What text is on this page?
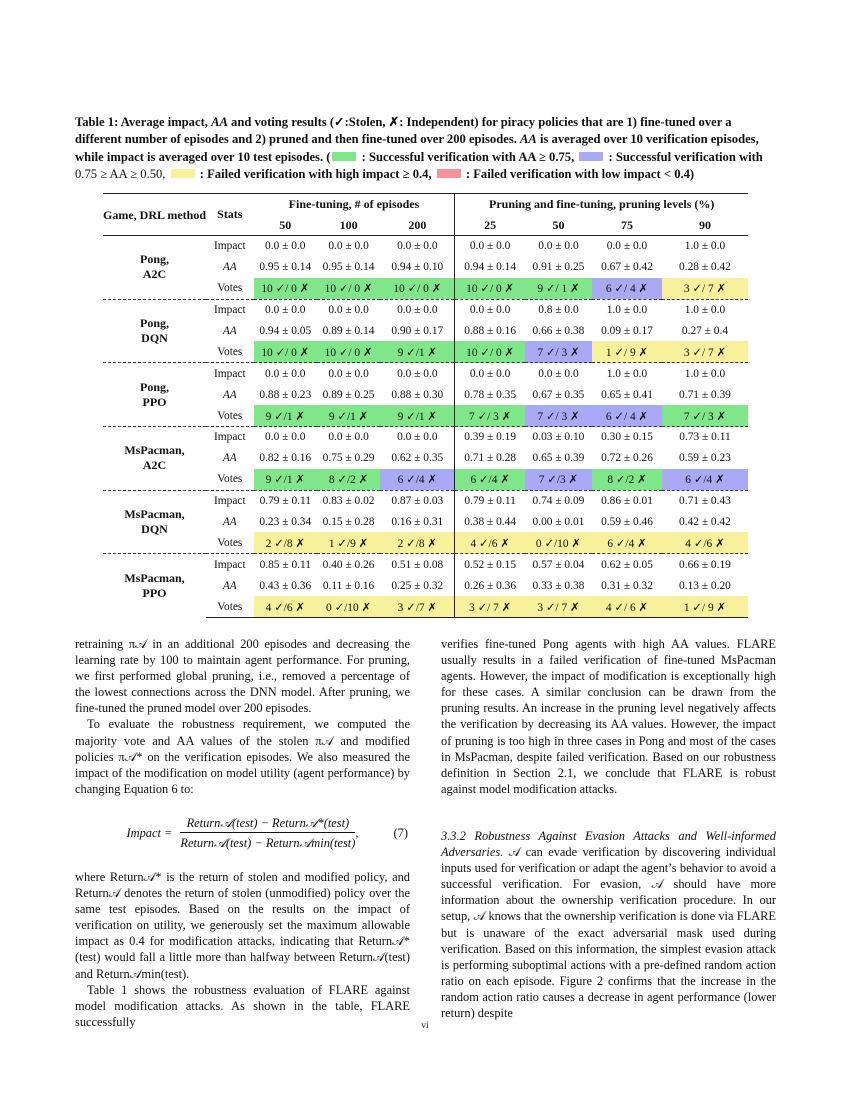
Table 1: Average impact, AA and voting results (✓:Stolen, ✗: Independent) for piracy policies that are 1) fine-tuned over a different number of episodes and 2) pruned and then fine-tuned over 200 episodes. AA is averaged over 10 verification episodes, while impact is averaged over 10 test episodes. ( : Successful verification with AA ≥ 0.75,  : Successful verification with 0.75 ≥ AA ≥ 0.50,  : Failed verification with high impact ≥ 0.4,  : Failed verification with low impact < 0.4)
Game, DRL method	Stats	Fine-tuning, # of episodes			Pruning and fine-tuning, pruning levels (%)			
		50	100	200	25	50	75	90

Pong,
A2C	Impact	0.0 ± 0.0	0.0 ± 0.0	0.0 ± 0.0	0.0 ± 0.0	0.0 ± 0.0	0.0 ± 0.0	1.0 ± 0.0
	AA	0.95 ± 0.14	0.95 ± 0.14	0.94 ± 0.10	0.94 ± 0.14	0.91 ± 0.25	0.67 ± 0.42	0.28 ± 0.42
	Votes	10 ✓/ 0 ✗	10 ✓/ 0 ✗	10 ✓/ 0 ✗	10 ✓/ 0 ✗	9 ✓/ 1 ✗	6 ✓/ 4 ✗	3 ✓/ 7 ✗

Pong,
DQN	Impact	0.0 ± 0.0	0.0 ± 0.0	0.0 ± 0.0	0.0 ± 0.0	0.8 ± 0.0	1.0 ± 0.0	1.0 ± 0.0
	AA	0.94 ± 0.05	0.89 ± 0.14	0.90 ± 0.17	0.88 ± 0.16	0.66 ± 0.38	0.09 ± 0.17	0.27 ± 0.4
	Votes	10 ✓/ 0 ✗	10 ✓/ 0 ✗	9 ✓/1 ✗	10 ✓/ 0 ✗	7 ✓/ 3 ✗	1 ✓/ 9 ✗	3 ✓/ 7 ✗

Pong,
PPO	Impact	0.0 ± 0.0	0.0 ± 0.0	0.0 ± 0.0	0.0 ± 0.0	0.0 ± 0.0	1.0 ± 0.0	1.0 ± 0.0
	AA	0.88 ± 0.23	0.89 ± 0.25	0.88 ± 0.30	0.78 ± 0.35	0.67 ± 0.35	0.65 ± 0.41	0.71 ± 0.39
	Votes	9 ✓/1 ✗	9 ✓/1 ✗	9 ✓/1 ✗	7 ✓/ 3 ✗	7 ✓/ 3 ✗	6 ✓/ 4 ✗	7 ✓/ 3 ✗

MsPacman,
A2C	Impact	0.0 ± 0.0	0.0 ± 0.0	0.0 ± 0.0	0.39 ± 0.19	0.03 ± 0.10	0.30 ± 0.15	0.73 ± 0.11
	AA	0.82 ± 0.16	0.75 ± 0.29	0.62 ± 0.35	0.71 ± 0.28	0.65 ± 0.39	0.72 ± 0.26	0.59 ± 0.23
	Votes	9 ✓/1 ✗	8 ✓/2 ✗	6 ✓/4 ✗	6 ✓/4 ✗	7 ✓/3 ✗	8 ✓/2 ✗	6 ✓/4 ✗

MsPacman,
DQN	Impact	0.79 ± 0.11	0.83 ± 0.02	0.87 ± 0.03	0.79 ± 0.11	0.74 ± 0.09	0.86 ± 0.01	0.71 ± 0.43
	AA	0.23 ± 0.34	0.15 ± 0.28	0.16 ± 0.31	0.38 ± 0.44	0.00 ± 0.01	0.59 ± 0.46	0.42 ± 0.42
	Votes	2 ✓/8 ✗	1 ✓/9 ✗	2 ✓/8 ✗	4 ✓/6 ✗	0 ✓/10 ✗	6 ✓/4 ✗	4 ✓/6 ✗

MsPacman,
PPO	Impact	0.85 ± 0.11	0.40 ± 0.26	0.51 ± 0.08	0.52 ± 0.15	0.57 ± 0.04	0.62 ± 0.05	0.66 ± 0.19
	AA	0.43 ± 0.36	0.11 ± 0.16	0.25 ± 0.32	0.26 ± 0.36	0.33 ± 0.38	0.31 ± 0.32	0.13 ± 0.20
	Votes	4 ✓/6 ✗	0 ✓/10 ✗	3 ✓/7 ✗	3 ✓/ 7 ✗	3 ✓/ 7 ✗	4 ✓/ 6 ✗	1 ✓/ 9 ✗

retraining π𝒜 in an additional 200 episodes and decreasing the learning rate by 100 to maintain agent performance. For pruning, we first performed global pruning, i.e., removed a percentage of the lowest connections across the DNN model. After pruning, we fine-tuned the pruned model over 200 episodes.

To evaluate the robustness requirement, we computed the majority vote and AA values of the stolen π𝒜 and modified policies π𝒜* on the verification episodes. We also measured the impact of the modification on model utility (agent performance) by changing Equation 6 to:

Impact = $\frac{\text{Return𝒜(test) − Return𝒜*(test)}}{\text{Return𝒜(test) − Return𝒜min(test)}}$ ,	(7)

where Return𝒜* is the return of stolen and modified policy, and Return𝒜 denotes the return of stolen (unmodified) policy over the same test episodes. Based on the results on the impact of verification on utility, we generously set the maximum allowable impact as 0.4 for modification attacks, indicating that Return𝒜*(test) would fall a little more than halfway between Return𝒜(test) and Return𝒜min(test).

Table 1 shows the robustness evaluation of FLARE against model modification attacks. As shown in the table, FLARE successfully

verifies fine-tuned Pong agents with high AA values. FLARE usually results in a failed verification of fine-tuned MsPacman agents. However, the impact of modification is exceptionally high for these cases. A similar conclusion can be drawn from the pruning results. An increase in the pruning level negatively affects the verification by decreasing its AA values. However, the impact of pruning is too high in three cases in Pong and most of the cases in MsPacman, despite failed verification. Based on our robustness definition in Section 2.1, we conclude that FLARE is robust against model modification attacks.

3.3.2 Robustness Against Evasion Attacks and Well-informed Adversaries. 𝒜 can evade verification by discovering individual inputs used for verification or adapt the agent’s behavior to avoid a successful verification. For evasion, 𝒜 should have more information about the ownership verification procedure. In our setup, 𝒜 knows that the ownership verification is done via FLARE but is unaware of the exact adversarial mask used during verification. Based on this information, the simplest evasion attack is performing suboptimal actions with a pre-defined random action ratio on each episode. Figure 2 confirms that the increase in the random action ratio causes a decrease in agent performance (lower return) despite

vi
